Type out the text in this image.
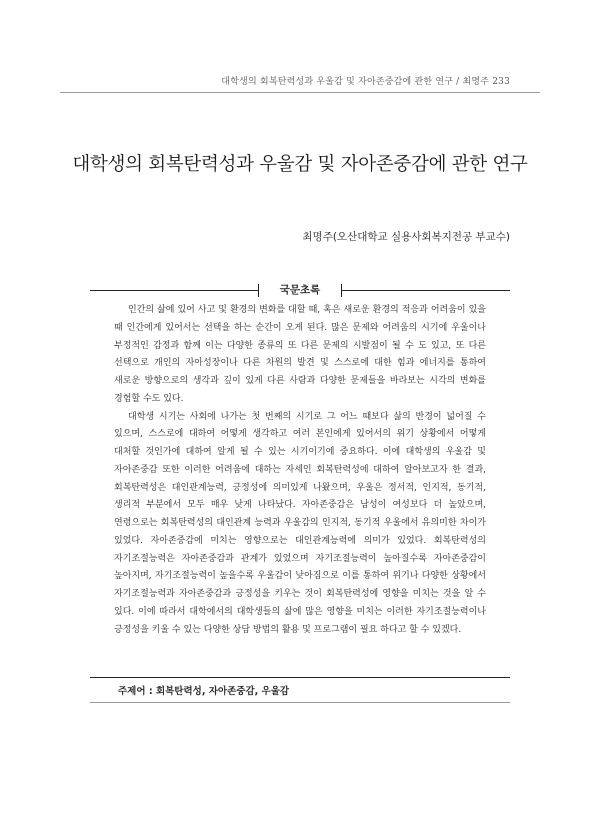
대학생의 회복탄력성과 우울감 및 자아존중감에 관한 연구 / 최명주 233
대학생의 회복탄력성과 우울감 및 자아존중감에 관한 연구
최명주(오산대학교 실용사회복지전공 부교수)
국문초록

인간의 삶에 있어 사고 및 환경의 변화를 대할 때, 혹은 새로운 환경의 적응과 어려움이 있을 때 인간에게 있어서는 선택을 하는 순간이 오게 된다. 많은 문제와 어려움의 시기에 우울이나 부정적인 감정과 함께 이는 다양한 종류의 또 다른 문제의 시발점이 될 수 도 있고, 또 다른 선택으로 개인의 자아성장이나 다른 차원의 발견 및 스스로에 대한 힘과 에너지를 통하여 새로운 방향으로의 생각과 깊이 있게 다른 사람과 다양한 문제들을 바라보는 시각의 변화를 경험할 수도 있다.

대학생 시기는 사회에 나가는 첫 번째의 시기로 그 어느 때보다 삶의 반경이 넓어질 수 있으며, 스스로에 대하여 어떻게 생각하고 여러 본인에게 있어서의 위기 상황에서 어떻게 대처할 것인가에 대하여 알게 될 수 있는 시기이기에 중요하다. 이에 대학생의 우울감 및 자아존중감 또한 이러한 어려움에 대하는 자세인 회복탄력성에 대하여 알아보고자 한 결과, 회복탄력성은 대인관계능력, 긍정성에 의미있게 나왔으며, 우울은 정서적, 인지적, 동기적, 생리적 부분에서 모두 매우 낮게 나타났다. 자아존중감은 남성이 여성보다 더 높았으며, 연령으로는 회복탄력성의 대인관계 능력과 우울감의 인지적, 동기적 우울에서 유의미한 차이가 있었다. 자아존중감에 미치는 영향으로는 대인관계능력에 의미가 있었다. 회복탄력성의 자기조절능력은 자아존중감과 관계가 있었으며 자기조절능력이 높아질수록 자아존중감이 높아지며, 자기조절능력이 높을수록 우울감이 낮아짐으로 이를 통하여 위기나 다양한 상황에서 자기조절능력과 자아존중감과 긍정성을 키우는 것이 회복탄력성에 영향을 미치는 것을 알 수 있다. 이에 따라서 대학에서의 대학생들의 삶에 많은 영향을 미치는 이러한 자기조절능력이나 긍정성을 키울 수 있는 다양한 상담 방법의 활용 및 프로그램이 필요 하다고 할 수 있겠다.

주제어 : 회복탄력성, 자아존중감, 우울감
